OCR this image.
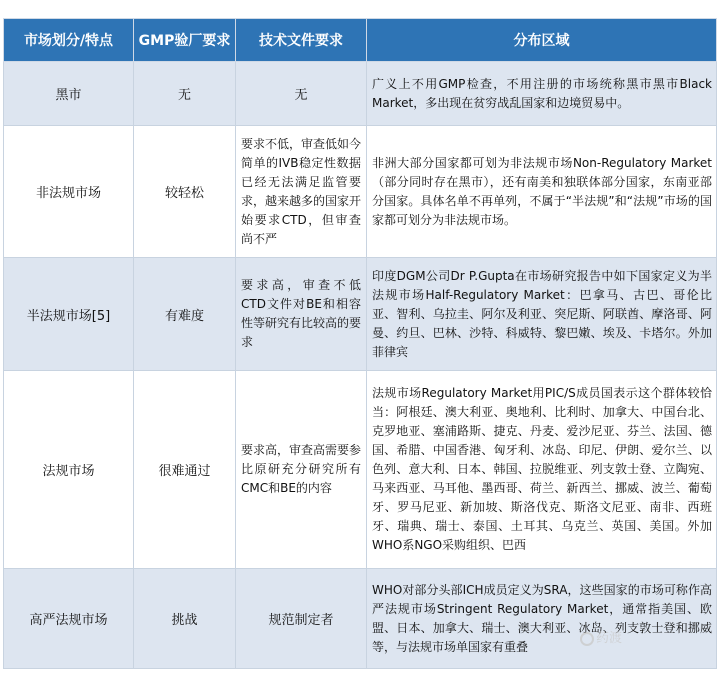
市场划分/特点	GMP验厂要求	技术文件要求	分布区域
黑市	无	无	广义上不用GMP检查，不用注册的市场统称黑市黑市Black Market，多出现在贫穷战乱国家和边境贸易中。
非法规市场	较轻松	要求不低，审查低如今简单的IVB稳定性数据已经无法满足监管要求，越来越多的国家开始要求CTD，但审查尚不严	非洲大部分国家都可划为非法规市场Non-Regulatory Market（部分同时存在黑市），还有南美和独联体部分国家，东南亚部分国家。具体名单不再单列，不属于“半法规”和“法规”市场的国家都可划分为非法规市场。
半法规市场[5]	有难度	要求高，审查不低CTD文件对BE和相容性等研究有比较高的要求	印度DGM公司Dr P.Gupta在市场研究报告中如下国家定义为半法规市场Half-Regulatory Market：巴拿马、古巴、哥伦比亚、智利、乌拉圭、阿尔及利亚、突尼斯、阿联酋、摩洛哥、阿曼、约旦、巴林、沙特、科威特、黎巴嫩、埃及、卡塔尔。外加菲律宾
法规市场	很难通过	要求高，审查高需要参比原研充分研究所有CMC和BE的内容	法规市场Regulatory Market用PIC/S成员国表示这个群体较恰当：阿根廷、澳大利亚、奥地利、比利时、加拿大、中国台北、克罗地亚、塞浦路斯、捷克、丹麦、爱沙尼亚、芬兰、法国、德国、希腊、中国香港、匈牙利、冰岛、印尼、伊朗、爱尔兰、以色列、意大利、日本、韩国、拉脱维亚、列支敦士登、立陶宛、马来西亚、马耳他、墨西哥、荷兰、新西兰、挪威、波兰、葡萄牙、罗马尼亚、新加坡、斯洛伐克、斯洛文尼亚、南非、西班牙、瑞典、瑞士、泰国、土耳其、乌克兰、英国、美国。外加WHO系NGO采购组织、巴西
高严法规市场	挑战	规范制定者	WHO对部分头部ICH成员定义为SRA，这些国家的市场可称作高严法规市场Stringent Regulatory Market，通常指美国、欧盟、日本、加拿大、瑞士、澳大利亚、冰岛、列支敦士登和挪威等，与法规市场单国家有重叠
药渡
